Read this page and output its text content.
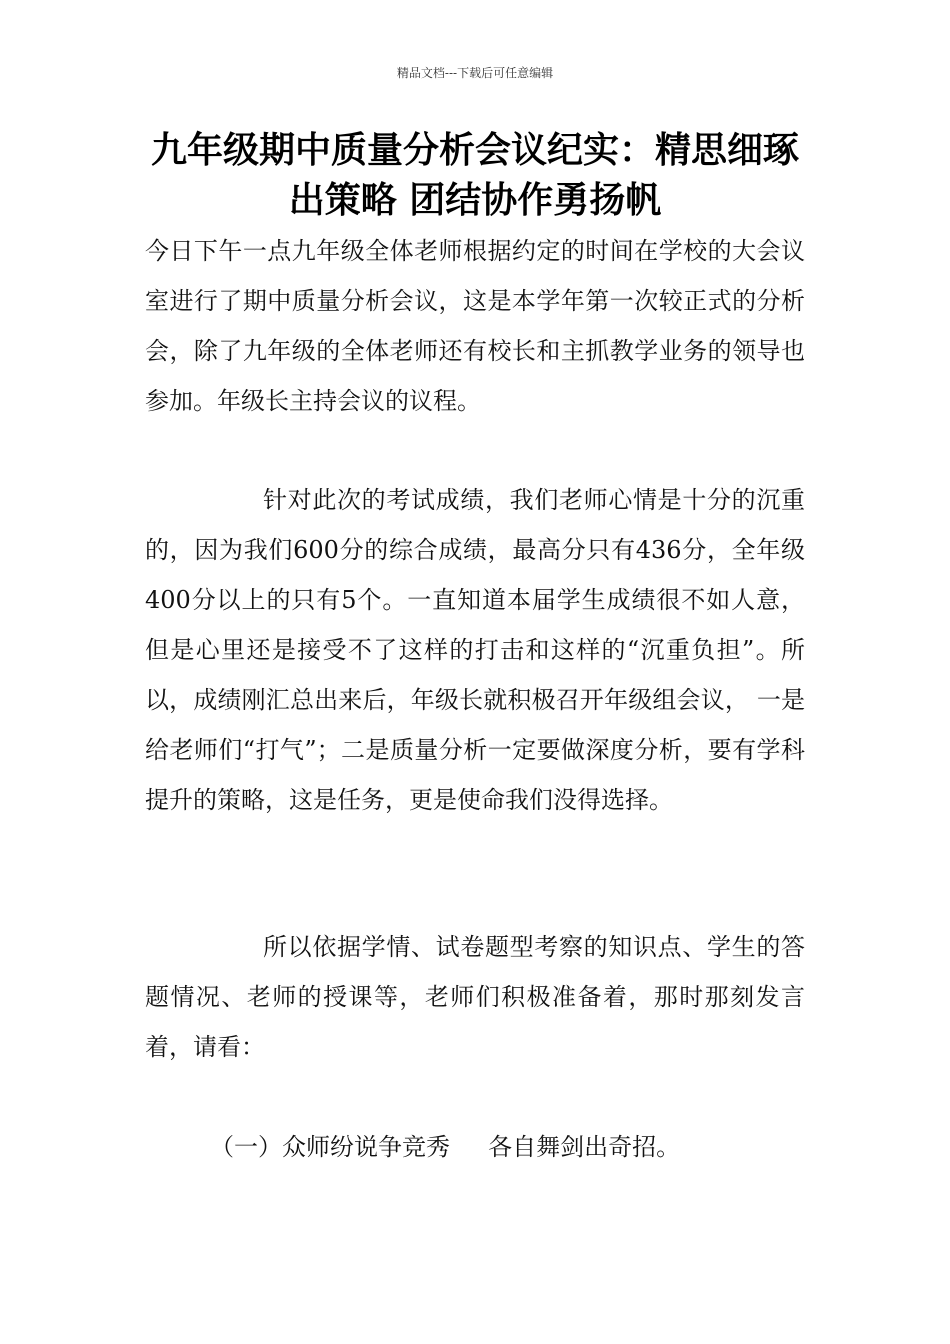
精品文档---下载后可任意编辑
九年级期中质量分析会议纪实：精思细琢出策略 团结协作勇扬帆

今日下午一点九年级全体老师根据约定的时间在学校的大会议室进行了期中质量分析会议，这是本学年第一次较正式的分析会，除了九年级的全体老师还有校长和主抓教学业务的领导也参加。年级长主持会议的议程。

针对此次的考试成绩，我们老师心情是十分的沉重的，因为我们600分的综合成绩，最高分只有436分，全年级400分以上的只有5个。一直知道本届学生成绩很不如人意，但是心里还是接受不了这样的打击和这样的“沉重负担”。所以，成绩刚汇总出来后，年级长就积极召开年级组会议， 一是给老师们“打气”；二是质量分析一定要做深度分析，要有学科提升的策略，这是任务，更是使命我们没得选择。

所以依据学情、试卷题型考察的知识点、学生的答题情况、老师的授课等，老师们积极准备着，那时那刻发言着，请看：

（一）众师纷说争竞秀     各自舞剑出奇招。
